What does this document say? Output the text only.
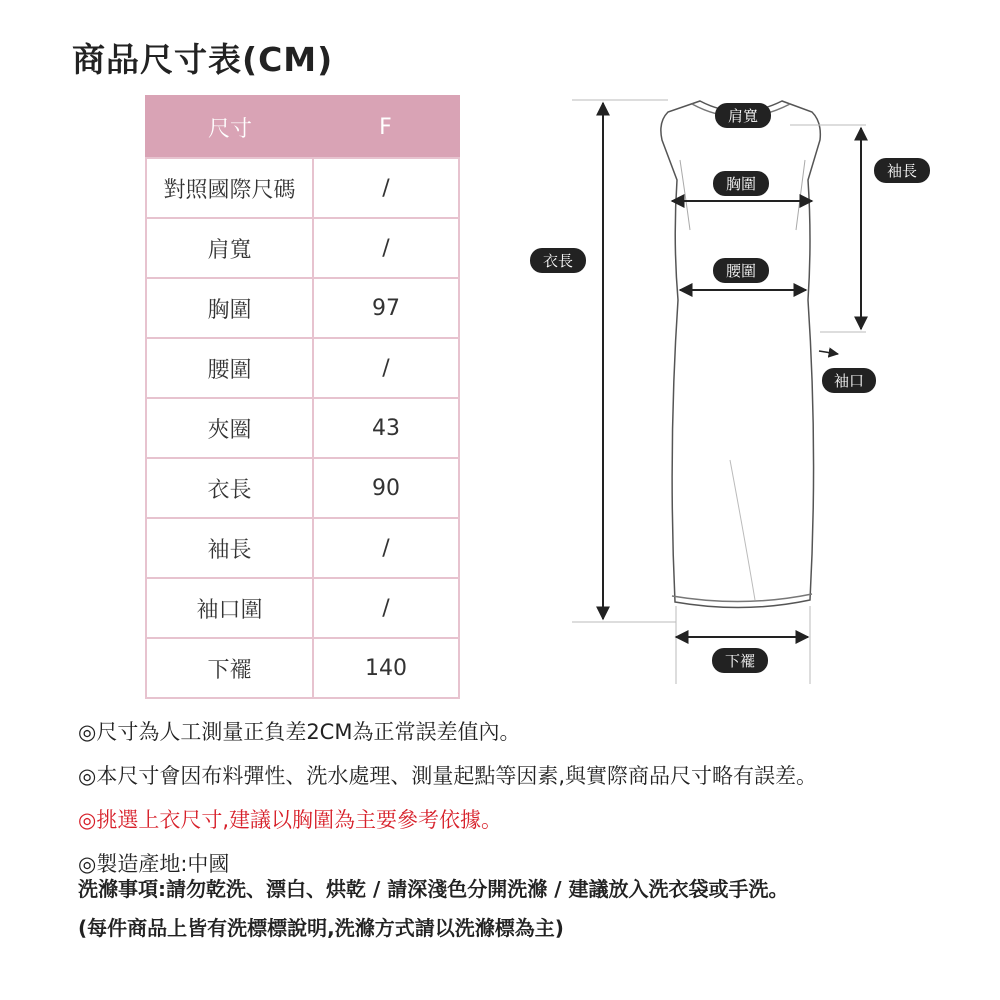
商品尺寸表(CM)
尺寸	F
對照國際尺碼	/
肩寬	/
胸圍	97
腰圍	/
夾圈	43
衣長	90
袖長	/
袖口圍	/
下襬	140
肩寬
胸圍
腰圍
衣長
袖長
袖口
下襬
◎尺寸為人工測量正負差2CM為正常誤差值內。
◎本尺寸會因布料彈性、洗水處理、測量起點等因素,與實際商品尺寸略有誤差。
◎挑選上衣尺寸,建議以胸圍為主要參考依據。
◎製造產地:中國
洗滌事項:請勿乾洗、漂白、烘乾 / 請深淺色分開洗滌 / 建議放入洗衣袋或手洗。
(每件商品上皆有洗標標說明,洗滌方式請以洗滌標為主)
